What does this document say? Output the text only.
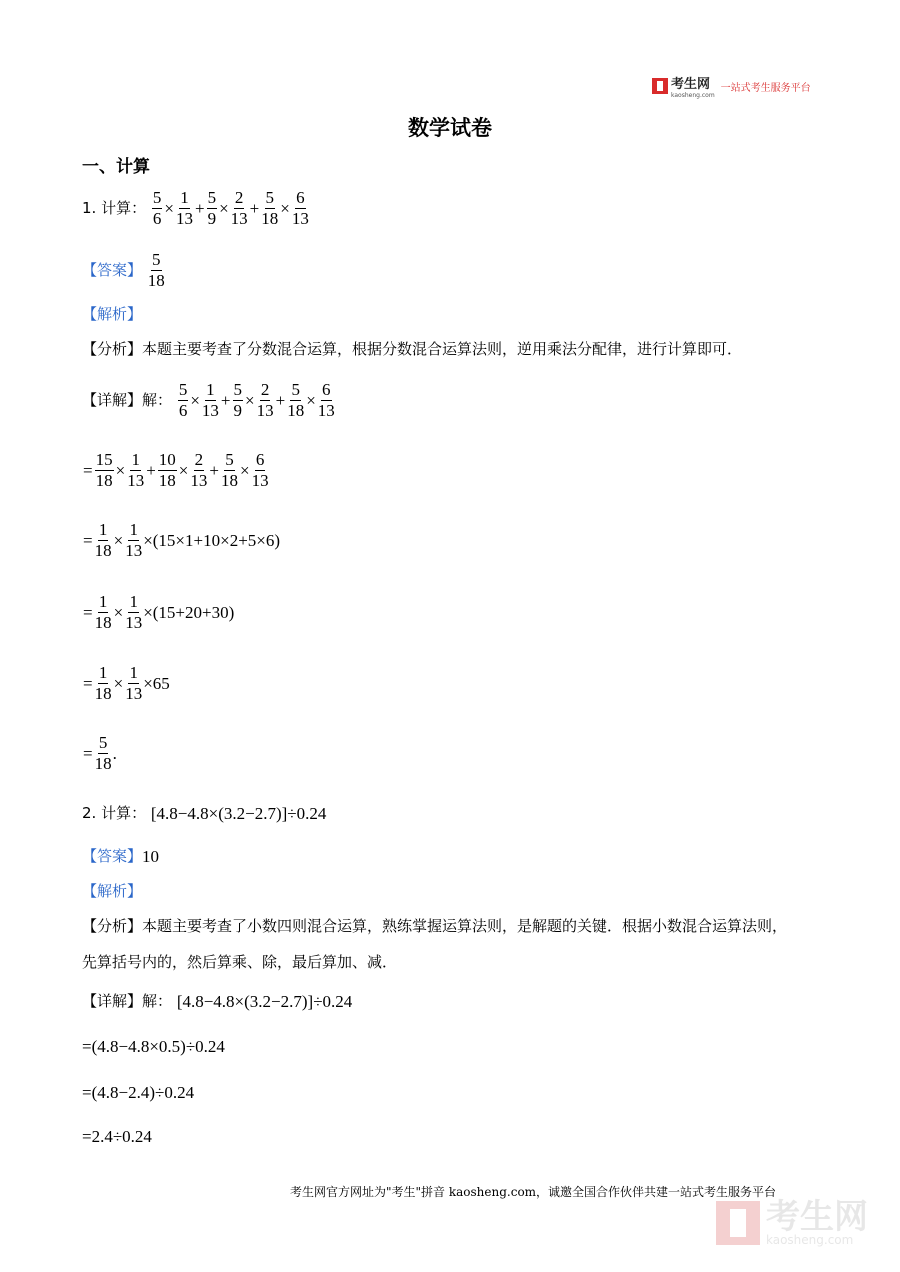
考生网
kaosheng.com
一站式考生服务平台
数学试卷
一、计算
1. 计算： $\frac{5}{6} \times \frac{1}{13} + \frac{5}{9} \times \frac{2}{13} + \frac{5}{18} \times \frac{6}{13}$
【答案】 $\frac{5}{18}$
【解析】
【分析】本题主要考查了分数混合运算，根据分数混合运算法则，逆用乘法分配律，进行计算即可．
【详解】解： $\frac{5}{6} \times \frac{1}{13} + \frac{5}{9} \times \frac{2}{13} + \frac{5}{18} \times \frac{6}{13}$
= $\frac{15}{18} \times \frac{1}{13} + \frac{10}{18} \times \frac{2}{13} + \frac{5}{18} \times \frac{6}{13}$
= $\frac{1}{18} \times \frac{1}{13} \times(15\times 1+10\times 2+5\times 6)$
= $\frac{1}{18} \times \frac{1}{13} \times(15+20+30)$
= $\frac{1}{18} \times \frac{1}{13} \times 65$
= $\frac{5}{18}$ .
2. 计算： [4.8−4.8×(3.2−2.7)]÷0.24
【答案】10
【解析】
【分析】本题主要考查了小数四则混合运算，熟练掌握运算法则，是解题的关键．根据小数混合运算法则，
先算括号内的，然后算乘、除，最后算加、减．
【详解】解： [4.8−4.8×(3.2−2.7)]÷0.24
=(4.8−4.8×0.5)÷0.24
=(4.8−2.4)÷0.24
=2.4÷0.24
考生网官方网址为"考生"拼音 kaosheng.com，诚邀全国合作伙伴共建一站式考生服务平台
考生网
kaosheng.com
